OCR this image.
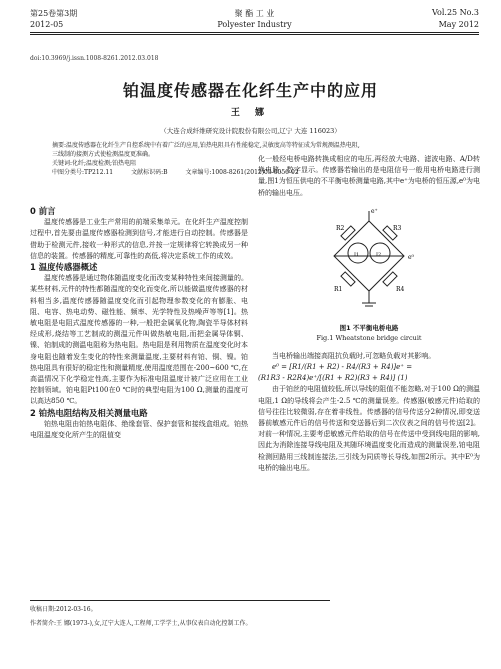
第25卷第3期	聚 酯 工 业	Vol.25 No.3
2012-05	Polyester Industry	May 2012
doi:10.3969/j.issn.1008-8261.2012.03.018
铂温度传感器在化纤生产中的应用
王 娜
（大连合成纤维研究设计院股份有限公司,辽宁 大连 116023）

摘要:温度传感器在化纤生产自控系统中有着广泛的应用,铂热电阻具有性能稳定,灵敏度高等特征成为常规测温热电阻,

三线制的接测方式使检测温度更准确。

关键词:化纤;温度检测;铂热电阻

中图分类号:TP212.11	文献标识码:B	文章编号:1008-8261(2012)03-0056-02

0 前言

温度传感器是工业生产常用的前端采集单元。在化纤生产温度控制过程中,首先要由温度传感器检测到信号,才能进行自动控制。传感器是借助于检测元件,接收一种形式的信息,并按一定规律将它转换成另一种信息的装置。传感器的精度,可靠性的高低,将决定系统工作的成效。

1 温度传感器概述

温度传感器是通过物体随温度变化而改变某种特性来间接测量的。某些材料,元件的特性都随温度的变化而变化,所以能做温度传感器的材料相当多,温度传感器随温度变化而引起物理参数变化的有膨胀、电阻、电容、热电动势、磁性能、频率、光学特性及热噪声等等[1]。热敏电阻是电阻式温度传感器的一种,一般把金属氧化物,陶瓷半导体材料经成形,烧结等工艺制成的测温元件叫做热敏电阻,而把金属导体铜、镍、铂制成的测温电阻称为热电阻。热电阻是利用物质在温度变化时本身电阻也随着发生变化的特性来测量温度,主要材料有铂、铜、镍。铂热电阻具有很好的稳定性和测量精度,使用温度范围在-200~600 ℃,在高温情况下化学稳定性高,主要作为标准电阻温度计被广泛应用在工业控制领域。铂电阻Pt100在0 ℃时的典型电阻为100 Ω,测量的温度可以高达850 ℃。

2 铂热电阻结构及相关测量电路

铂热电阻由铂热电阻体、绝缘套管、保护套管和接线盒组成。铂热电阻温度变化所产生的阻值变

化一般经电桥电路转换成相应的电压,再经放大电路、滤波电路、A/D转换电路、数字显示。传感器若输出的是电阻信号一般用电桥电路进行测量,图1为恒压供电的不平衡电桥测量电路,其中e⁺为电桥的恒压源,e⁰为电桥的输出电压。

R2	R3
R1	R4
I1	I2
e⁺
e⁰

图1 不平衡电桥电路

Fig.1 Wheatstone bridge circuit

当电桥输出端接高阻抗负载时,可忽略负载对其影响。

e⁰ = [R1/(R1 + R2) - R4/(R3 + R4)]e⁺ =

(R1R3 - R2R4)e⁺/[(R1 + R2)(R3 + R4)] (1)

由于铂丝的电阻值较低,所以导线的阻值不能忽略,对于100 Ω的测温电阻,1 Ω的导线将会产生-2.5 ℃的测量误差。传感器(敏感元件)给取的信号往往比较微弱,存在着非线性。传感器的信号传送分2种情况,即变送器前敏感元件后的信号传送和变送器后到二次仪表之间的信号传送[2]。对前一种情况,主要考虑敏感元件给取的信号在传送中受到线电阻的影响,因此为消除连接导线电阻及其随环境温度变化而造成的测量误差,铂电阻检测回路用三线制连接法,三引线为同质等长导线,如图2所示。其中E⁰为电桥的输出电压。

收稿日期:2012-03-16。

作者简介:王 娜(1973-),女,辽宁大连人,工程师,工学学士,从事仪表自动化控制工作。
